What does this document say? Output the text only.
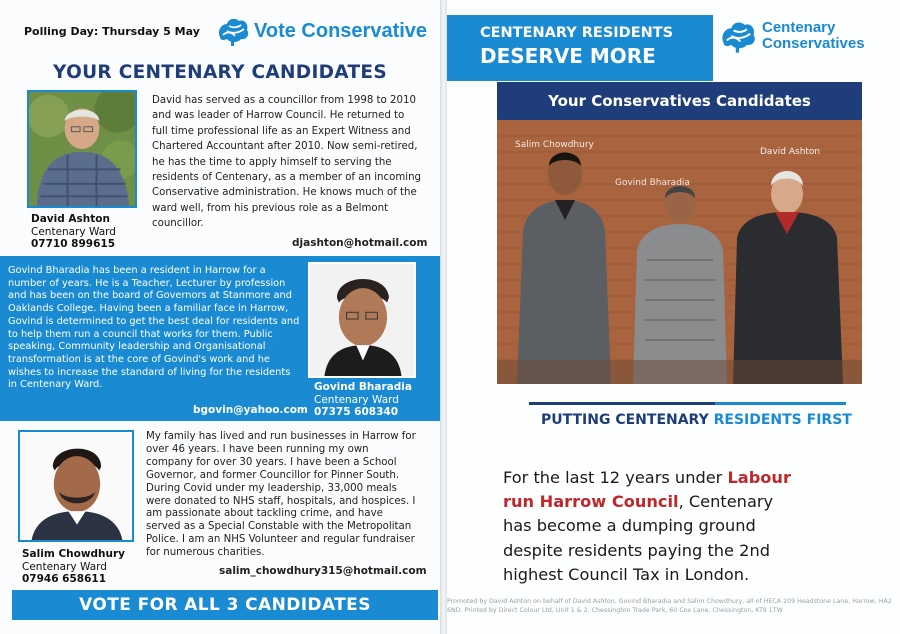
Polling Day: Thursday 5 May	Vote Conservative
YOUR CENTENARY CANDIDATES
David has served as a councillor from 1998 to 2010 and was leader of Harrow Council. He returned to full time professional life as an Expert Witness and Chartered Accountant after 2010. Now semi-retired, he has the time to apply himself to serving the residents of Centenary, as a member of an incoming Conservative administration. He knows much of the ward well, from his previous role as a Belmont councillor.
David Ashton
Centenary Ward
07710 899615	djashton@hotmail.com
Govind Bharadia has been a resident in Harrow for a number of years. He is a Teacher, Lecturer by profession and has been on the board of Governors at Stanmore and Oaklands College. Having been a familiar face in Harrow, Govind is determined to get the best deal for residents and to help them run a council that works for them. Public speaking, Community leadership and Organisational transformation is at the core of Govind's work and he wishes to increase the standard of living for the residents in Centenary Ward.	Govind Bharadia
Centenary Ward
07375 608340
bgovin@yahoo.com
My family has lived and run businesses in Harrow for over 46 years. I have been running my own company for over 30 years. I have been a School Governor, and former Councillor for Pinner South. During Covid under my leadership, 33,000 meals were donated to NHS staff, hospitals, and hospices. I am passionate about tackling crime, and have served as a Special Constable with the Metropolitan Police. I am an NHS Volunteer and regular fundraiser for numerous charities.
Salim Chowdhury
Centenary Ward
07946 658611
salim_chowdhury315@hotmail.com
VOTE FOR ALL 3 CANDIDATES
CENTENARY RESIDENTS
DESERVE MORE
Centenary
Conservatives
Your Conservatives Candidates
Salim Chowdhury
Govind Bharadia
David Ashton
PUTTING CENTENARY RESIDENTS FIRST
For the last 12 years under Labour run Harrow Council, Centenary has become a dumping ground despite residents paying the 2nd highest Council Tax in London.
Promoted by David Ashton on behalf of David Ashton, Govind Bharadia and Salim Chowdhury, all of HECA 209 Headstone Lane, Harrow, HA2 6ND. Printed by Direct Colour Ltd, Unit 1 & 2, Chessington Trade Park, 60 Cox Lane, Chessington, KT9 1TW
